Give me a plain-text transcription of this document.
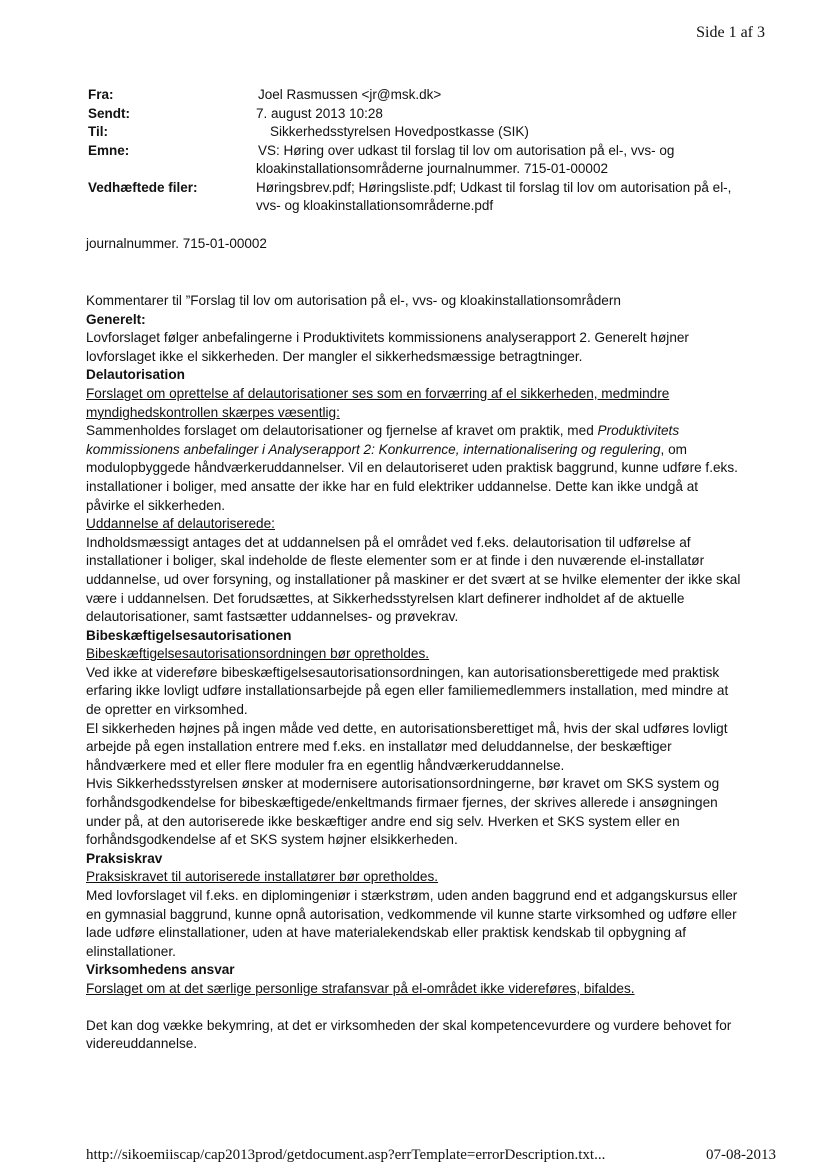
Side 1 af 3
Fra:	Joel Rasmussen <jr@msk.dk>
Sendt:	7. august 2013 10:28
Til:	Sikkerhedsstyrelsen Hovedpostkasse (SIK)
Emne:	VS: Høring over udkast til forslag til lov om autorisation på el-, vvs- og
kloakinstallationsområderne journalnummer. 715-01-00002
Vedhæftede filer:	Høringsbrev.pdf; Høringsliste.pdf; Udkast til forslag til lov om autorisation på el-,
vvs- og kloakinstallationsområderne.pdf
journalnummer. 715-01-00002

Kommentarer til ”Forslag til lov om autorisation på el-, vvs- og kloakinstallationsområdern

Generelt:

Lovforslaget følger anbefalingerne i Produktivitets kommissionens analyserapport 2. Generelt højner

lovforslaget ikke el sikkerheden. Der mangler el sikkerhedsmæssige betragtninger.

Delautorisation

Forslaget om oprettelse af delautorisationer ses som en forværring af el sikkerheden, medmindre

myndighedskontrollen skærpes væsentlig:

Sammenholdes forslaget om delautorisationer og fjernelse af kravet om praktik, med Produktivitets

kommissionens anbefalinger i Analyserapport 2: Konkurrence, internationalisering og regulering, om

modulopbyggede håndværkeruddannelser. Vil en delautoriseret uden praktisk baggrund, kunne udføre f.eks.

installationer i boliger, med ansatte der ikke har en fuld elektriker uddannelse. Dette kan ikke undgå at

påvirke el sikkerheden.

Uddannelse af delautoriserede:

Indholdsmæssigt antages det at uddannelsen på el området ved f.eks. delautorisation til udførelse af

installationer i boliger, skal indeholde de fleste elementer som er at finde i den nuværende el-installatør

uddannelse, ud over forsyning, og installationer på maskiner er det svært at se hvilke elementer der ikke skal

være i uddannelsen. Det forudsættes, at Sikkerhedsstyrelsen klart definerer indholdet af de aktuelle

delautorisationer, samt fastsætter uddannelses- og prøvekrav.

Bibeskæftigelsesautorisationen

Bibeskæftigelsesautorisationsordningen bør opretholdes.

Ved ikke at videreføre bibeskæftigelsesautorisationsordningen, kan autorisationsberettigede med praktisk

erfaring ikke lovligt udføre installationsarbejde på egen eller familiemedlemmers installation, med mindre at

de opretter en virksomhed.

El sikkerheden højnes på ingen måde ved dette, en autorisationsberettiget må, hvis der skal udføres lovligt

arbejde på egen installation entrere med f.eks. en installatør med deluddannelse, der beskæftiger

håndværkere med et eller flere moduler fra en egentlig håndværkeruddannelse.

Hvis Sikkerhedsstyrelsen ønsker at modernisere autorisationsordningerne, bør kravet om SKS system og

forhåndsgodkendelse for bibeskæftigede/enkeltmands firmaer fjernes, der skrives allerede i ansøgningen

under på, at den autoriserede ikke beskæftiger andre end sig selv. Hverken et SKS system eller en

forhåndsgodkendelse af et SKS system højner elsikkerheden.

Praksiskrav

Praksiskravet til autoriserede installatører bør opretholdes.

Med lovforslaget vil f.eks. en diplomingeniør i stærkstrøm, uden anden baggrund end et adgangskursus eller

en gymnasial baggrund, kunne opnå autorisation, vedkommende vil kunne starte virksomhed og udføre eller

lade udføre elinstallationer, uden at have materialekendskab eller praktisk kendskab til opbygning af

elinstallationer.

Virksomhedens ansvar

Forslaget om at det særlige personlige strafansvar på el-området ikke videreføres, bifaldes.

Det kan dog vække bekymring, at det er virksomheden der skal kompetencevurdere og vurdere behovet for

videreuddannelse.

http://sikoemiiscap/cap2013prod/getdocument.asp?errTemplate=errorDescription.txt...	07-08-2013
